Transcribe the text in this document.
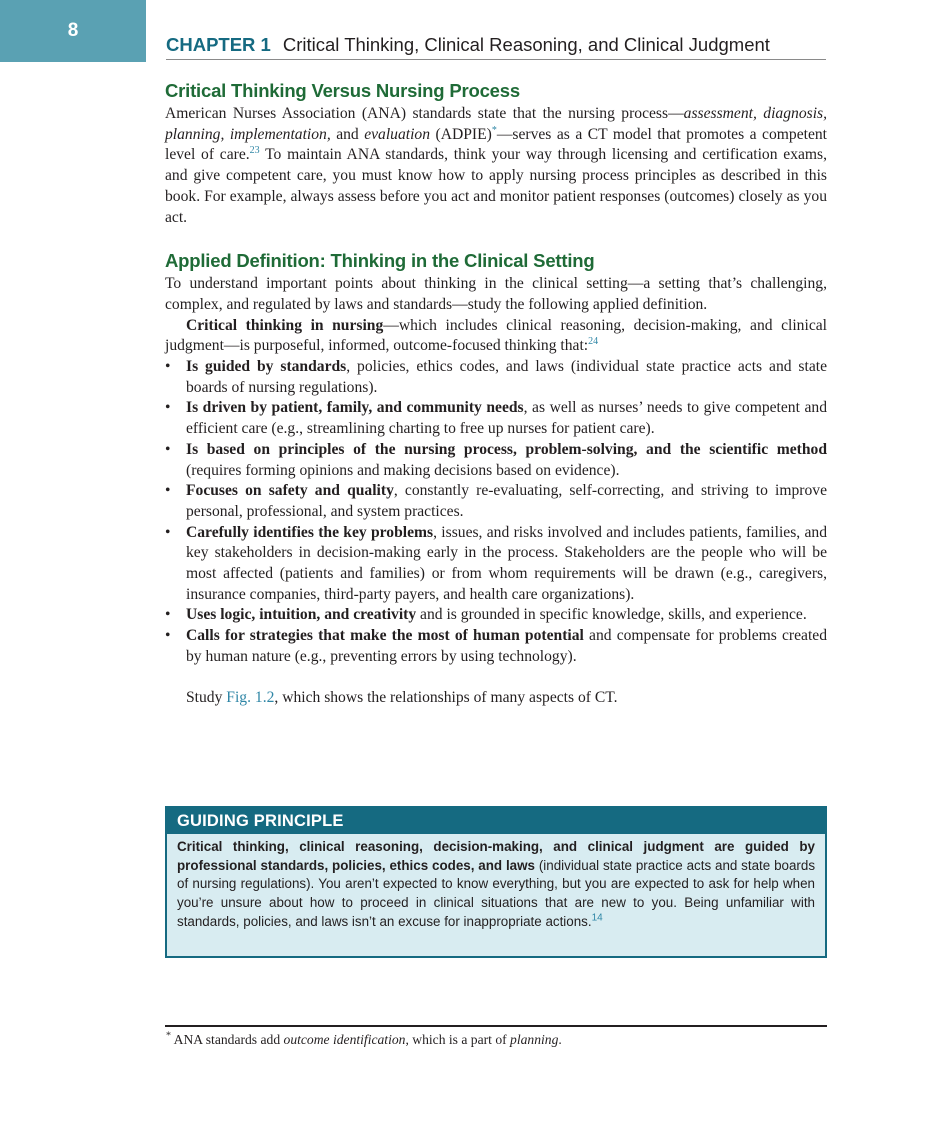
8
CHAPTER 1 Critical Thinking, Clinical Reasoning, and Clinical Judgment
Critical Thinking Versus Nursing Process

American Nurses Association (ANA) standards state that the nursing process—assessment, diagnosis, planning, implementation, and evaluation (ADPIE)*—serves as a CT model that promotes a competent level of care.$^{23}$ To maintain ANA standards, think your way through licensing and certification exams, and give competent care, you must know how to apply nursing process principles as described in this book. For example, always assess before you act and monitor patient responses (outcomes) closely as you act.

Applied Definition: Thinking in the Clinical Setting

To understand important points about thinking in the clinical setting—a setting that’s challenging, complex, and regulated by laws and standards—study the following applied definition.

Critical thinking in nursing—which includes clinical reasoning, decision-making, and clinical judgment—is purposeful, informed, outcome-focused thinking that:$^{24}$

• Is guided by standards, policies, ethics codes, and laws (individual state practice acts and state boards of nursing regulations).
• Is driven by patient, family, and community needs, as well as nurses’ needs to give competent and efficient care (e.g., streamlining charting to free up nurses for patient care).
• Is based on principles of the nursing process, problem-solving, and the scientific method (requires forming opinions and making decisions based on evidence).
• Focuses on safety and quality, constantly re-evaluating, self-correcting, and striving to improve personal, professional, and system practices.
• Carefully identifies the key problems, issues, and risks involved and includes patients, families, and key stakeholders in decision-making early in the process. Stakeholders are the people who will be most affected (patients and families) or from whom requirements will be drawn (e.g., caregivers, insurance companies, third-party payers, and health care organizations).
• Uses logic, intuition, and creativity and is grounded in specific knowledge, skills, and experience.
• Calls for strategies that make the most of human potential and compensate for problems created by human nature (e.g., preventing errors by using technology).

Study Fig. 1.2, which shows the relationships of many aspects of CT.

GUIDING PRINCIPLE
Critical thinking, clinical reasoning, decision-making, and clinical judgment are guided by professional standards, policies, ethics codes, and laws (individual state practice acts and state boards of nursing regulations). You aren’t expected to know everything, but you are expected to ask for help when you’re unsure about how to proceed in clinical situations that are new to you. Being unfamiliar with standards, policies, and laws isn’t an excuse for inappropriate actions.$^{14}$
* ANA standards add outcome identification, which is a part of planning.
